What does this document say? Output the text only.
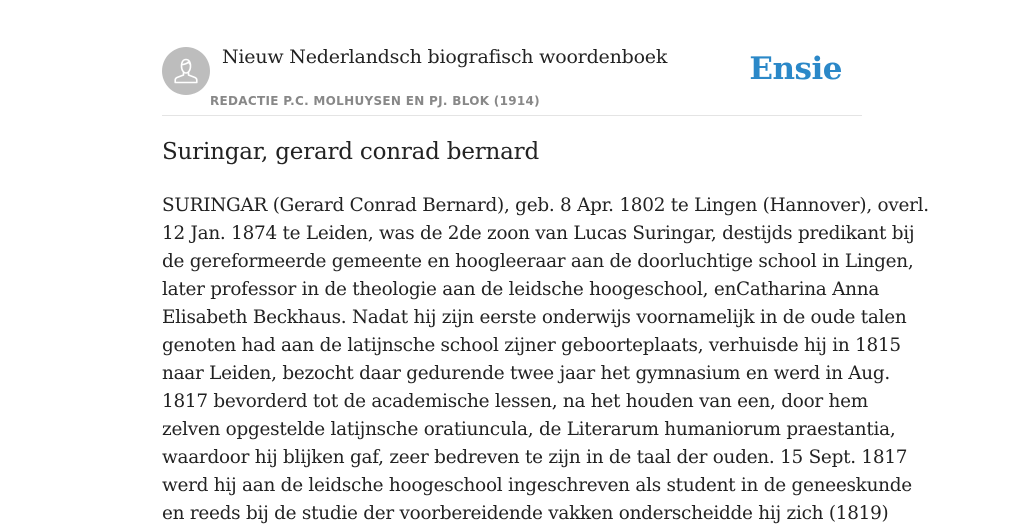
Nieuw Nederlandsch biografisch woordenboek
REDACTIE P.C. MOLHUYSEN EN PJ. BLOK (1914)
Ensie
Suringar, gerard conrad bernard
SURINGAR (Gerard Conrad Bernard), geb. 8 Apr. 1802 te Lingen (Hannover), overl.
12 Jan. 1874 te Leiden, was de 2de zoon van Lucas Suringar, destijds predikant bij
de gereformeerde gemeente en hoogleeraar aan de doorluchtige school in Lingen,
later professor in de theologie aan de leidsche hoogeschool, enCatharina Anna
Elisabeth Beckhaus. Nadat hij zijn eerste onderwijs voornamelijk in de oude talen
genoten had aan de latijnsche school zijner geboorteplaats, verhuisde hij in 1815
naar Leiden, bezocht daar gedurende twee jaar het gymnasium en werd in Aug.
1817 bevorderd tot de academische lessen, na het houden van een, door hem
zelven opgestelde latijnsche oratiuncula, de Literarum humaniorum praestantia,
waardoor hij blijken gaf, zeer bedreven te zijn in de taal der ouden. 15 Sept. 1817
werd hij aan de leidsche hoogeschool ingeschreven als student in de geneeskunde
en reeds bij de studie der voorbereidende vakken onderscheidde hij zich (1819)
